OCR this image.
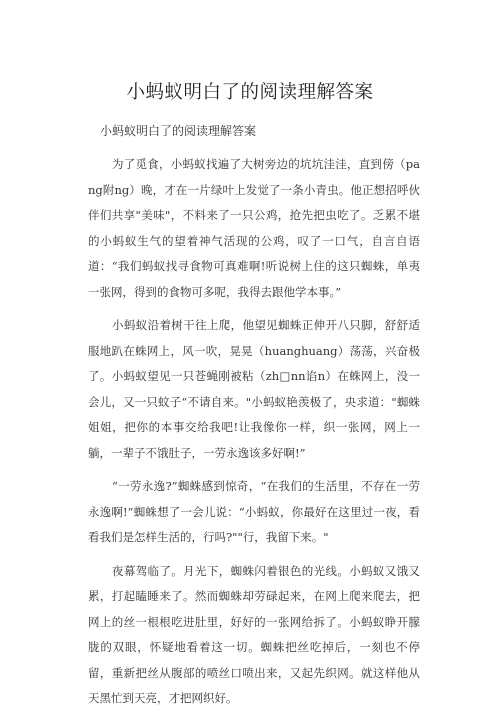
小蚂蚁明白了的阅读理解答案

小蚂蚁明白了的阅读理解答案

为了觅食，小蚂蚁找遍了大树旁边的坑坑洼洼，直到傍（pang附ng）晚，才在一片绿叶上发觉了一条小青虫。他正想招呼伙伴们共享"美味"，不料来了一只公鸡，抢先把虫吃了。乏累不堪的小蚂蚁生气的望着神气活现的公鸡，叹了一口气，自言自语道：“我们蚂蚁找寻食物可真难啊!听说树上住的这只蜘蛛，单夷一张网，得到的食物可多呢，我得去跟他学本事。”

小蚂蚁沿着树干往上爬，他望见蜘蛛正伸开八只脚，舒舒适服地趴在蛛网上，风一吹，晃晃（huanghuang）荡荡，兴奋极了。小蚂蚁望见一只苍蝇刚被粘（zh□nn谄n）在蛛网上，没一会儿，又一只蚊子“不请自来。"小蚂蚁艳羡极了，央求道："蜘蛛姐姐，把你的本事交给我吧!让我像你一样，织一张网，网上一躺，一辈子不饿肚子，一劳永逸该多好啊!”

“一劳永逸?”蜘蛛感到惊奇，“在我们的生活里，不存在一劳永逸啊!”蜘蛛想了一会儿说：“小蚂蚁，你最好在这里过一夜，看看我们是怎样生活的，行吗?""行，我留下来。"

夜幕驾临了。月光下，蜘蛛闪着银色的光线。小蚂蚁又饿又累，打起瞌睡来了。然而蜘蛛却劳碌起来，在网上爬来爬去，把网上的丝一根根吃进肚里，好好的一张网给拆了。小蚂蚁睁开朦胧的双眼，怀疑地看着这一切。蜘蛛把丝吃掉后，一刻也不停留，重新把丝从腹部的喷丝口喷出来，又起先织网。就这样他从天黑忙到天亮，才把网织好。
